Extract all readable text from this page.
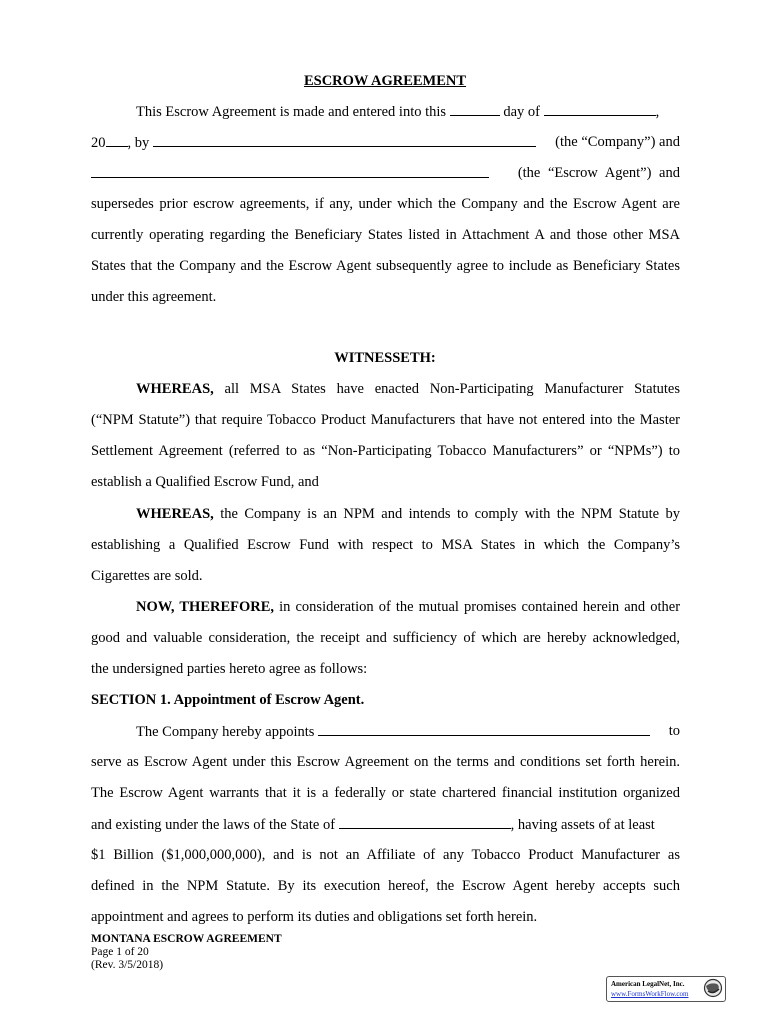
ESCROW AGREEMENT
This Escrow Agreement is made and entered into this	day of	,
20 , by	(the “Company”) and
(the “Escrow Agent”) and
supersedes prior escrow agreements, if any, under which the Company and the Escrow Agent are
currently operating regarding the Beneficiary States listed in Attachment A and those other MSA
States that the Company and the Escrow Agent subsequently agree to include as Beneficiary States
under this agreement.
WITNESSETH:
WHEREAS, all MSA States have enacted Non-Participating Manufacturer Statutes
(“NPM Statute”) that require Tobacco Product Manufacturers that have not entered into the Master
Settlement Agreement (referred to as “Non-Participating Tobacco Manufacturers” or “NPMs”) to
establish a Qualified Escrow Fund, and
WHEREAS, the Company is an NPM and intends to comply with the NPM Statute by
establishing a Qualified Escrow Fund with respect to MSA States in which the Company’s
Cigarettes are sold.
NOW, THEREFORE, in consideration of the mutual promises contained herein and other
good and valuable consideration, the receipt and sufficiency of which are hereby acknowledged,
the undersigned parties hereto agree as follows:
SECTION 1. Appointment of Escrow Agent.
The Company hereby appoints	to
serve as Escrow Agent under this Escrow Agreement on the terms and conditions set forth herein.
The Escrow Agent warrants that it is a federally or state chartered financial institution organized
and existing under the laws of the State of	, having assets of at least
$1 Billion ($1,000,000,000), and is not an Affiliate of any Tobacco Product Manufacturer as
defined in the NPM Statute. By its execution hereof, the Escrow Agent hereby accepts such
appointment and agrees to perform its duties and obligations set forth herein.
MONTANA ESCROW AGREEMENT
Page 1 of 20
(Rev. 3/5/2018)
American LegalNet, Inc.
www.FormsWorkFlow.com
